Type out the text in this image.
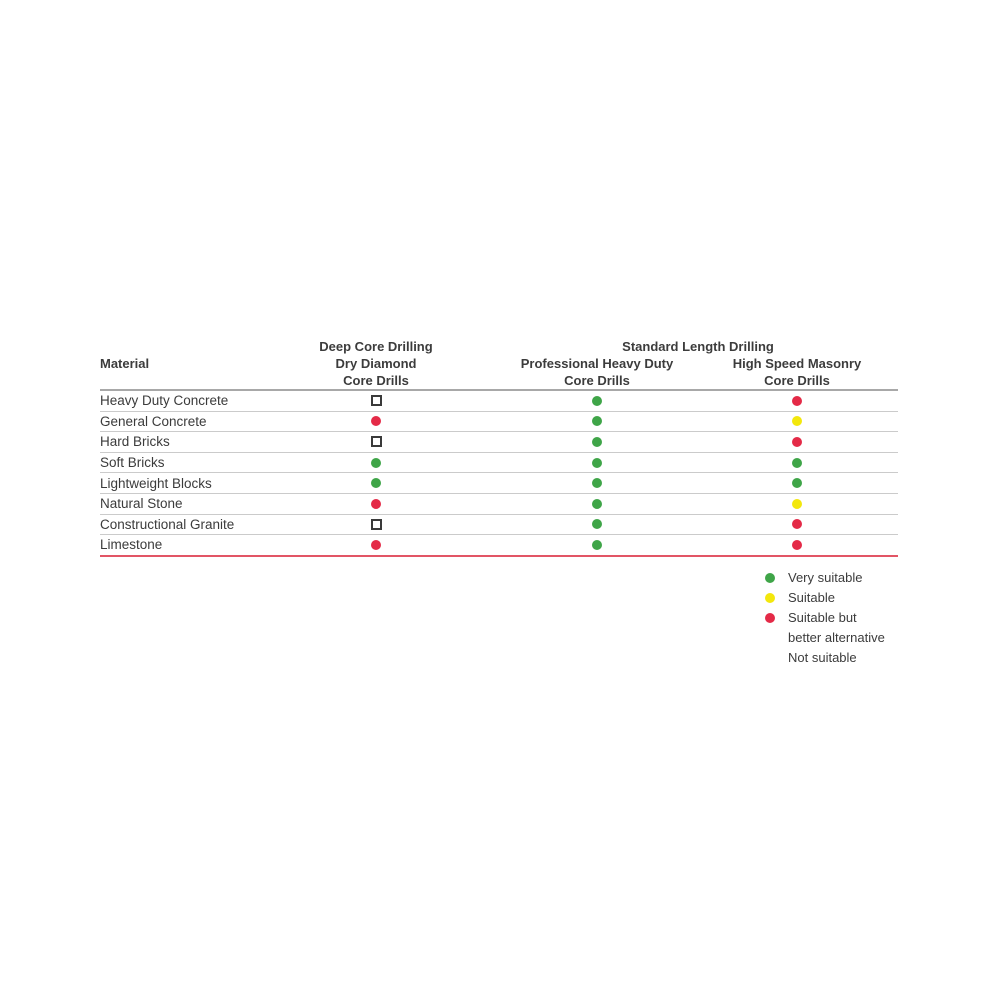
Material
Deep Core Drilling
Dry Diamond
Core Drills
Standard Length Drilling
Professional Heavy Duty
Core Drills
High Speed Masonry
Core Drills
Heavy Duty Concrete
General Concrete
Hard Bricks
Soft Bricks
Lightweight Blocks
Natural Stone
Constructional Granite
Limestone
Very suitable
Suitable
Suitable but
better alternative
Not suitable
